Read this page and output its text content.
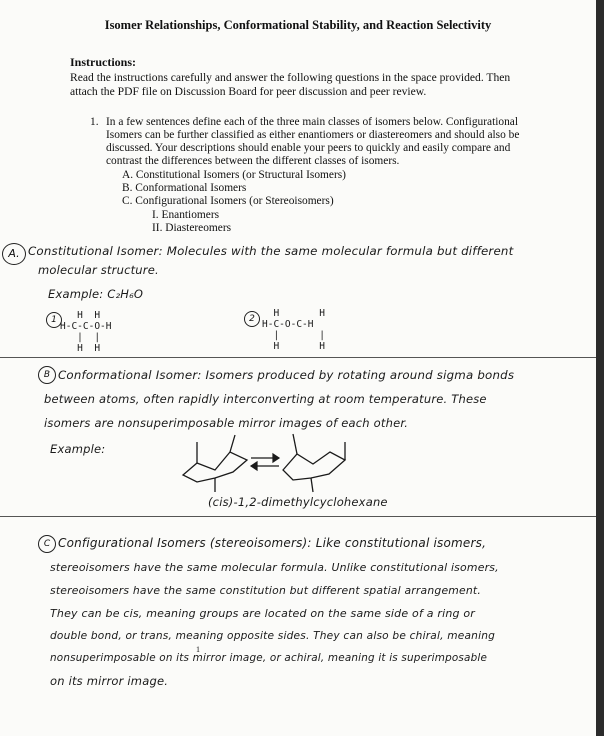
Isomer Relationships, Conformational Stability, and Reaction Selectivity
Instructions:
Read the instructions carefully and answer the following questions in the space provided. Then
attach the PDF file on Discussion Board for peer discussion and peer review.
1. In a few sentences define each of the three main classes of isomers below. Configurational
Isomers can be further classified as either enantiomers or diastereomers and should also be
discussed. Your descriptions should enable your peers to quickly and easily compare and
contrast the differences between the different classes of isomers.
A. Constitutional Isomers (or Structural Isomers)
B. Conformational Isomers
C. Configurational Isomers (or Stereoisomers)
I. Enantiomers
II. Diastereomers
A. Constitutional Isomer: Molecules with the same molecular formula but different
molecular structure.
Example: C₂H₆O
1	H  H
H-C-C-O-H
|  |
H  H
2	H       H
H-C-O-C-H
|       |
H       H
B Conformational Isomer: Isomers produced by rotating around sigma bonds
between atoms, often rapidly interconverting at room temperature. These
isomers are nonsuperimposable mirror images of each other.
Example:
(cis)-1,2-dimethylcyclohexane
C Configurational Isomers (stereoisomers): Like constitutional isomers,
stereoisomers have the same molecular formula. Unlike constitutional isomers,
stereoisomers have the same constitution but different spatial arrangement.
They can be cis, meaning groups are located on the same side of a ring or
double bond, or trans, meaning opposite sides. They can also be chiral, meaning
nonsuperimposable on its mirror image, or achiral, meaning it is superimposable
on its mirror image.
1
